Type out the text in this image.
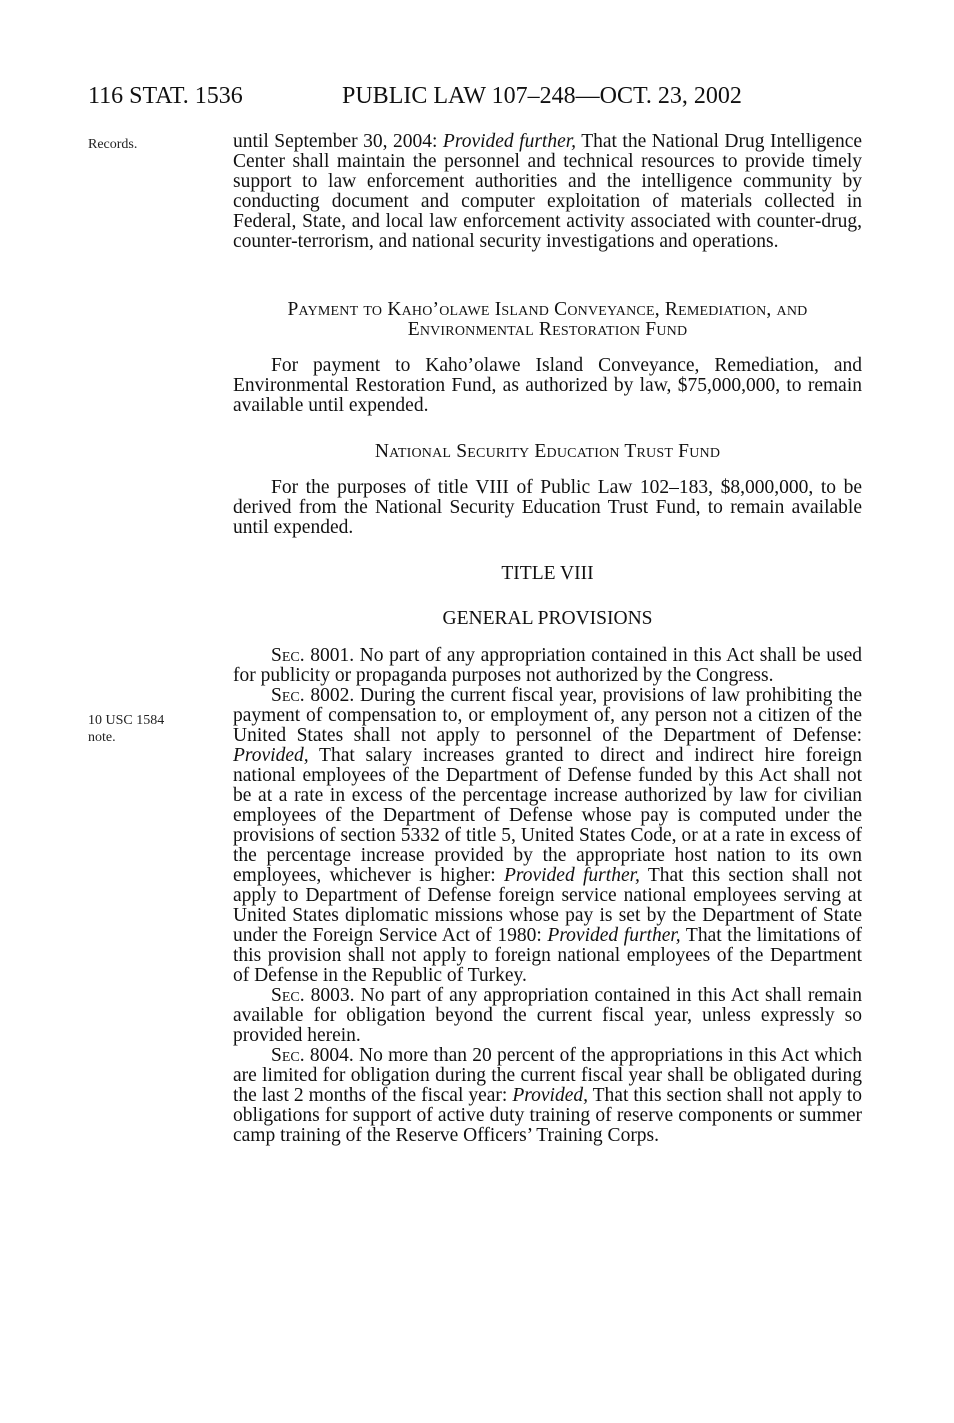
116 STAT. 1536	PUBLIC LAW 107–248—OCT. 23, 2002
Records.
10 USC 1584
note.

until September 30, 2004: Provided further, That the National Drug Intelligence Center shall maintain the personnel and technical resources to provide timely support to law enforcement authorities and the intelligence community by conducting document and computer exploitation of materials collected in Federal, State, and local law enforcement activity associated with counter-drug, counter-terrorism, and national security investigations and operations.

Payment to Kaho’olawe Island Conveyance, Remediation, and
Environmental Restoration Fund

For payment to Kaho’olawe Island Conveyance, Remediation, and Environmental Restoration Fund, as authorized by law, $75,000,000, to remain available until expended.

National Security Education Trust Fund

For the purposes of title VIII of Public Law 102–183, $8,000,000, to be derived from the National Security Education Trust Fund, to remain available until expended.

TITLE VIII
GENERAL PROVISIONS

Sec. 8001. No part of any appropriation contained in this Act shall be used for publicity or propaganda purposes not authorized by the Congress.

Sec. 8002. During the current fiscal year, provisions of law prohibiting the payment of compensation to, or employment of, any person not a citizen of the United States shall not apply to personnel of the Department of Defense: Provided, That salary increases granted to direct and indirect hire foreign national employees of the Department of Defense funded by this Act shall not be at a rate in excess of the percentage increase authorized by law for civilian employees of the Department of Defense whose pay is computed under the provisions of section 5332 of title 5, United States Code, or at a rate in excess of the percentage increase provided by the appropriate host nation to its own employees, whichever is higher: Provided further, That this section shall not apply to Department of Defense foreign service national employees serving at United States diplomatic missions whose pay is set by the Department of State under the Foreign Service Act of 1980: Provided further, That the limitations of this provision shall not apply to foreign national employees of the Department of Defense in the Republic of Turkey.

Sec. 8003. No part of any appropriation contained in this Act shall remain available for obligation beyond the current fiscal year, unless expressly so provided herein.

Sec. 8004. No more than 20 percent of the appropriations in this Act which are limited for obligation during the current fiscal year shall be obligated during the last 2 months of the fiscal year: Provided, That this section shall not apply to obligations for support of active duty training of reserve components or summer camp training of the Reserve Officers’ Training Corps.
